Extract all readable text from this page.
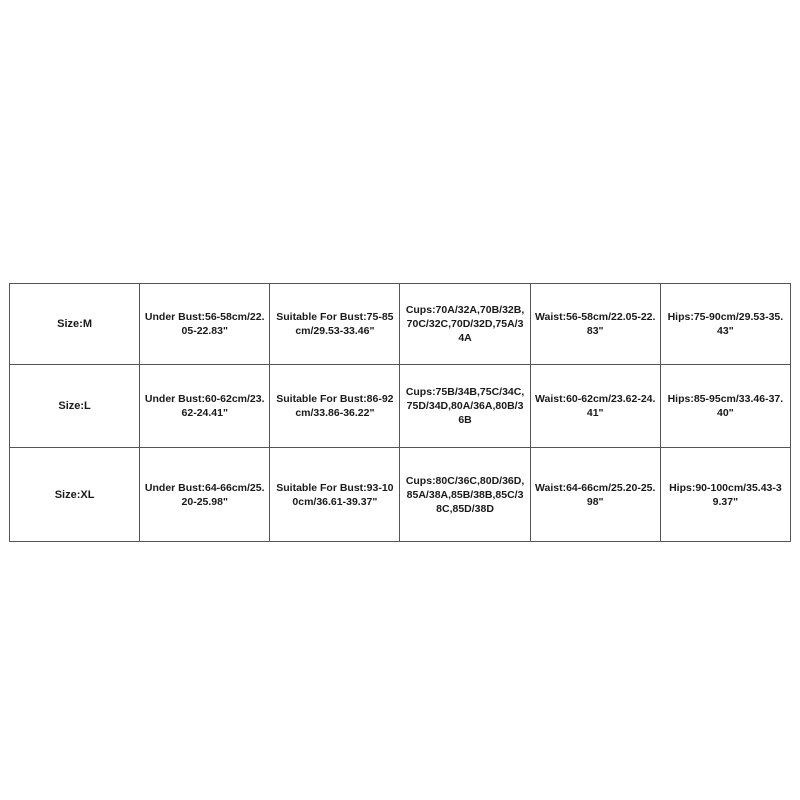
Size:M	Under Bust:56-58cm/22.05-22.83"	Suitable For Bust:75-85cm/29.53-33.46"	Cups:70A/32A,70B/32B,70C/32C,70D/32D,75A/34A	Waist:56-58cm/22.05-22.83"	Hips:75-90cm/29.53-35.43"
Size:L	Under Bust:60-62cm/23.62-24.41"	Suitable For Bust:86-92cm/33.86-36.22"	Cups:75B/34B,75C/34C,75D/34D,80A/36A,80B/36B	Waist:60-62cm/23.62-24.41"	Hips:85-95cm/33.46-37.40"
Size:XL	Under Bust:64-66cm/25.20-25.98"	Suitable For Bust:93-100cm/36.61-39.37"	Cups:80C/36C,80D/36D,85A/38A,85B/38B,85C/38C,85D/38D	Waist:64-66cm/25.20-25.98"	Hips:90-100cm/35.43-39.37"
